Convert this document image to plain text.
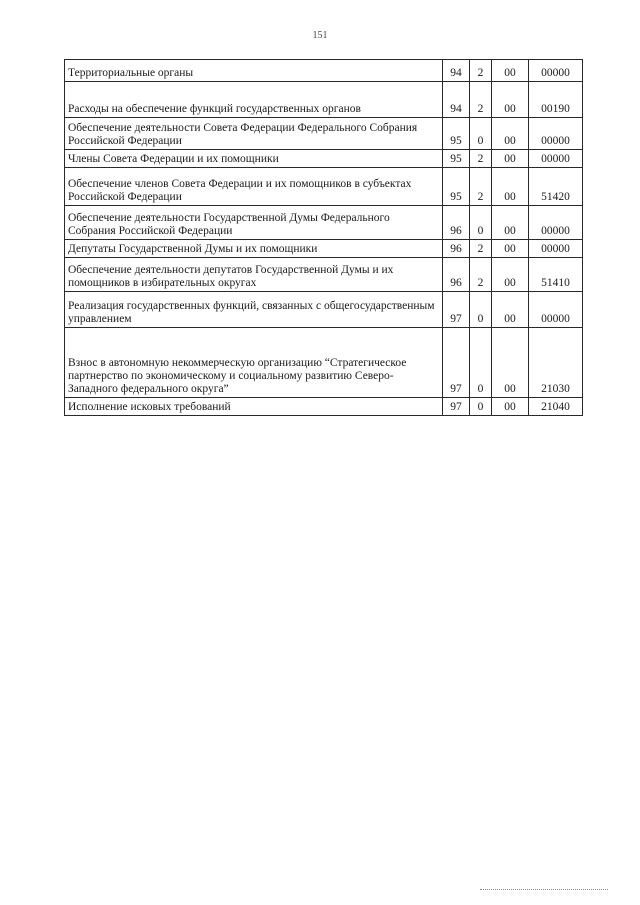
151
Территориальные органы	94	2	00	00000
Расходы на обеспечение функций государственных органов	94	2	00	00190
Обеспечение деятельности Совета Федерации Федерального Собрания Российской Федерации	95	0	00	00000
Члены Совета Федерации и их помощники	95	2	00	00000
Обеспечение членов Совета Федерации и их помощников в субъектах Российской Федерации	95	2	00	51420
Обеспечение деятельности Государственной Думы Федерального Собрания Российской Федерации	96	0	00	00000
Депутаты Государственной Думы и их помощники	96	2	00	00000
Обеспечение деятельности депутатов Государственной Думы и их помощников в избирательных округах	96	2	00	51410
Реализация государственных функций, связанных с общегосударственным управлением	97	0	00	00000
Взнос в автономную некоммерческую организацию “Стратегическое партнерство по экономическому и социальному развитию Северо-Западного федерального округа”	97	0	00	21030
Исполнение исковых требований	97	0	00	21040
